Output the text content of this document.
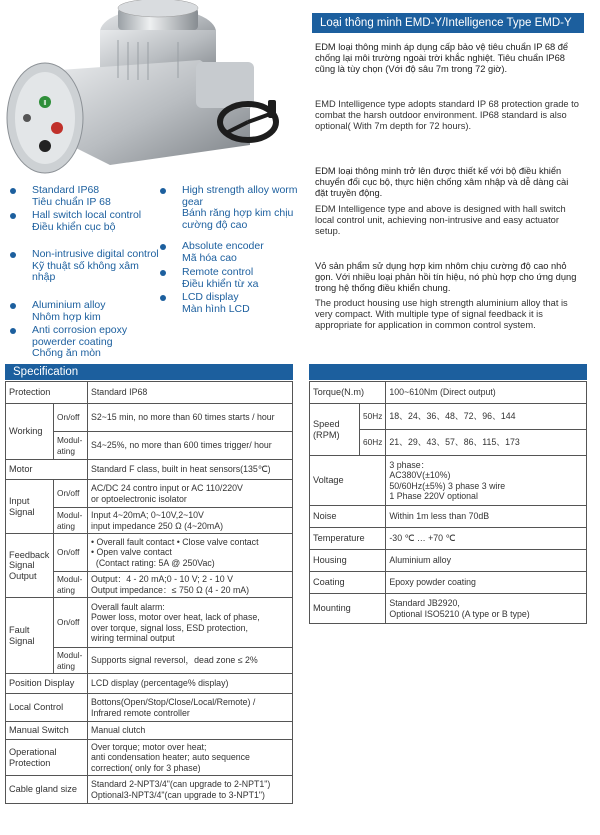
Ⅱ
Loại thông minh EMD-Y/Intelligence Type EMD-Y
EDM loại thông minh áp dụng cấp bảo vệ tiêu chuẩn IP 68 để chống lại môi trường ngoài trời khắc nghiệt. Tiêu chuẩn IP68 cũng là tùy chọn (Với độ sâu 7m trong 72 giờ).
EMD Intelligence type adopts standard IP 68 protection grade to combat the harsh outdoor environment. IP68 standard is also optional( With 7m depth for 72 hours).
EDM loại thông minh trở lên được thiết kế với bộ điều khiển chuyển đổi cục bộ, thực hiện chống xâm nhập và dễ dàng cài đặt truyền động.
EDM Intelligence type and above is designed with hall switch local control unit, achieving non-intrusive and easy actuator setup.
Vỏ sản phẩm sử dụng hợp kim nhôm chịu cường độ cao nhỏ gọn. Với nhiều loại phản hồi tín hiệu, nó phù hợp cho ứng dụng trong hệ thống điều khiển chung.
The product housing use high strength aluminium alloy that is very compact. With multiple type of signal feedback it is appropriate for application in common control system.
Standard IP68
Tiêu chuẩn IP 68
Hall switch local control
Điều khiển cục bộ
Non-intrusive digital control
Kỹ thuật số không xâm nhập
Aluminium alloy
Nhôm hợp kim
Anti corrosion epoxy powerder coating
Chống ăn mòn
High strength alloy worm gear
Bánh răng hợp kim chịu cường độ cao
Absolute encoder
Mã hóa cao
Remote control
Điều khiển từ xa
LCD display
Màn hình LCD
Specification
Protection		Standard IP68
Working	On/off	S2~15 min, no more than 60 times starts / hour
	Modul-ating	S4~25%, no more than 600 times trigger/ hour
Motor		Standard F class, built in heat sensors(135℃)
Input Signal	On/off	AC/DC 24 contro input or AC 110/220V
or optoelectronic isolator
	Modul-ating	Input 4~20mA; 0~10V,2~10V
input impedance 250 Ω (4~20mA)
Feedback Signal Output	On/off	• Overall fault contact • Close valve contact
• Open valve contact
(Contact rating: 5A @ 250Vac)
	Modul-ating	Output：4 - 20 mA;0 - 10 V; 2 - 10 V
Output impedance：≤ 750 Ω (4 - 20 mA)
Fault Signal	On/off	Overall fault alarm:
Power loss, motor over heat, lack of phase,
over torque, signal loss, ESD protection,
wiring terminal output
	Modul-ating	Supports signal reversol，dead zone ≤ 2%
Position Display		LCD display (percentage% display)
Local Control		Bottons(Open/Stop/Close/Local/Remote) /
Infrared remote controller
Manual Switch		Manual clutch
Operational Protection		Over torque; motor over heat;
anti condensation heater; auto sequence
correction( only for 3 phase)
Cable gland size		Standard 2-NPT3/4"(can upgrade to 2-NPT1")
Optional3-NPT3/4"(can upgrade to 3-NPT1")
Torque(N.m)		100~610Nm (Direct output)
Speed (RPM)	50Hz	18、24、36、48、72、96、144
	60Hz	21、29、43、57、86、115、173
Voltage		3 phase：
AC380V(±10%)
50/60Hz(±5%) 3 phase 3 wire
1 Phase 220V optional
Noise		Within 1m less than 70dB
Temperature		-30 ℃ … +70 ℃
Housing		Aluminium alloy
Coating		Epoxy powder coating
Mounting		Standard JB2920,
Optional ISO5210 (A type or B type)
